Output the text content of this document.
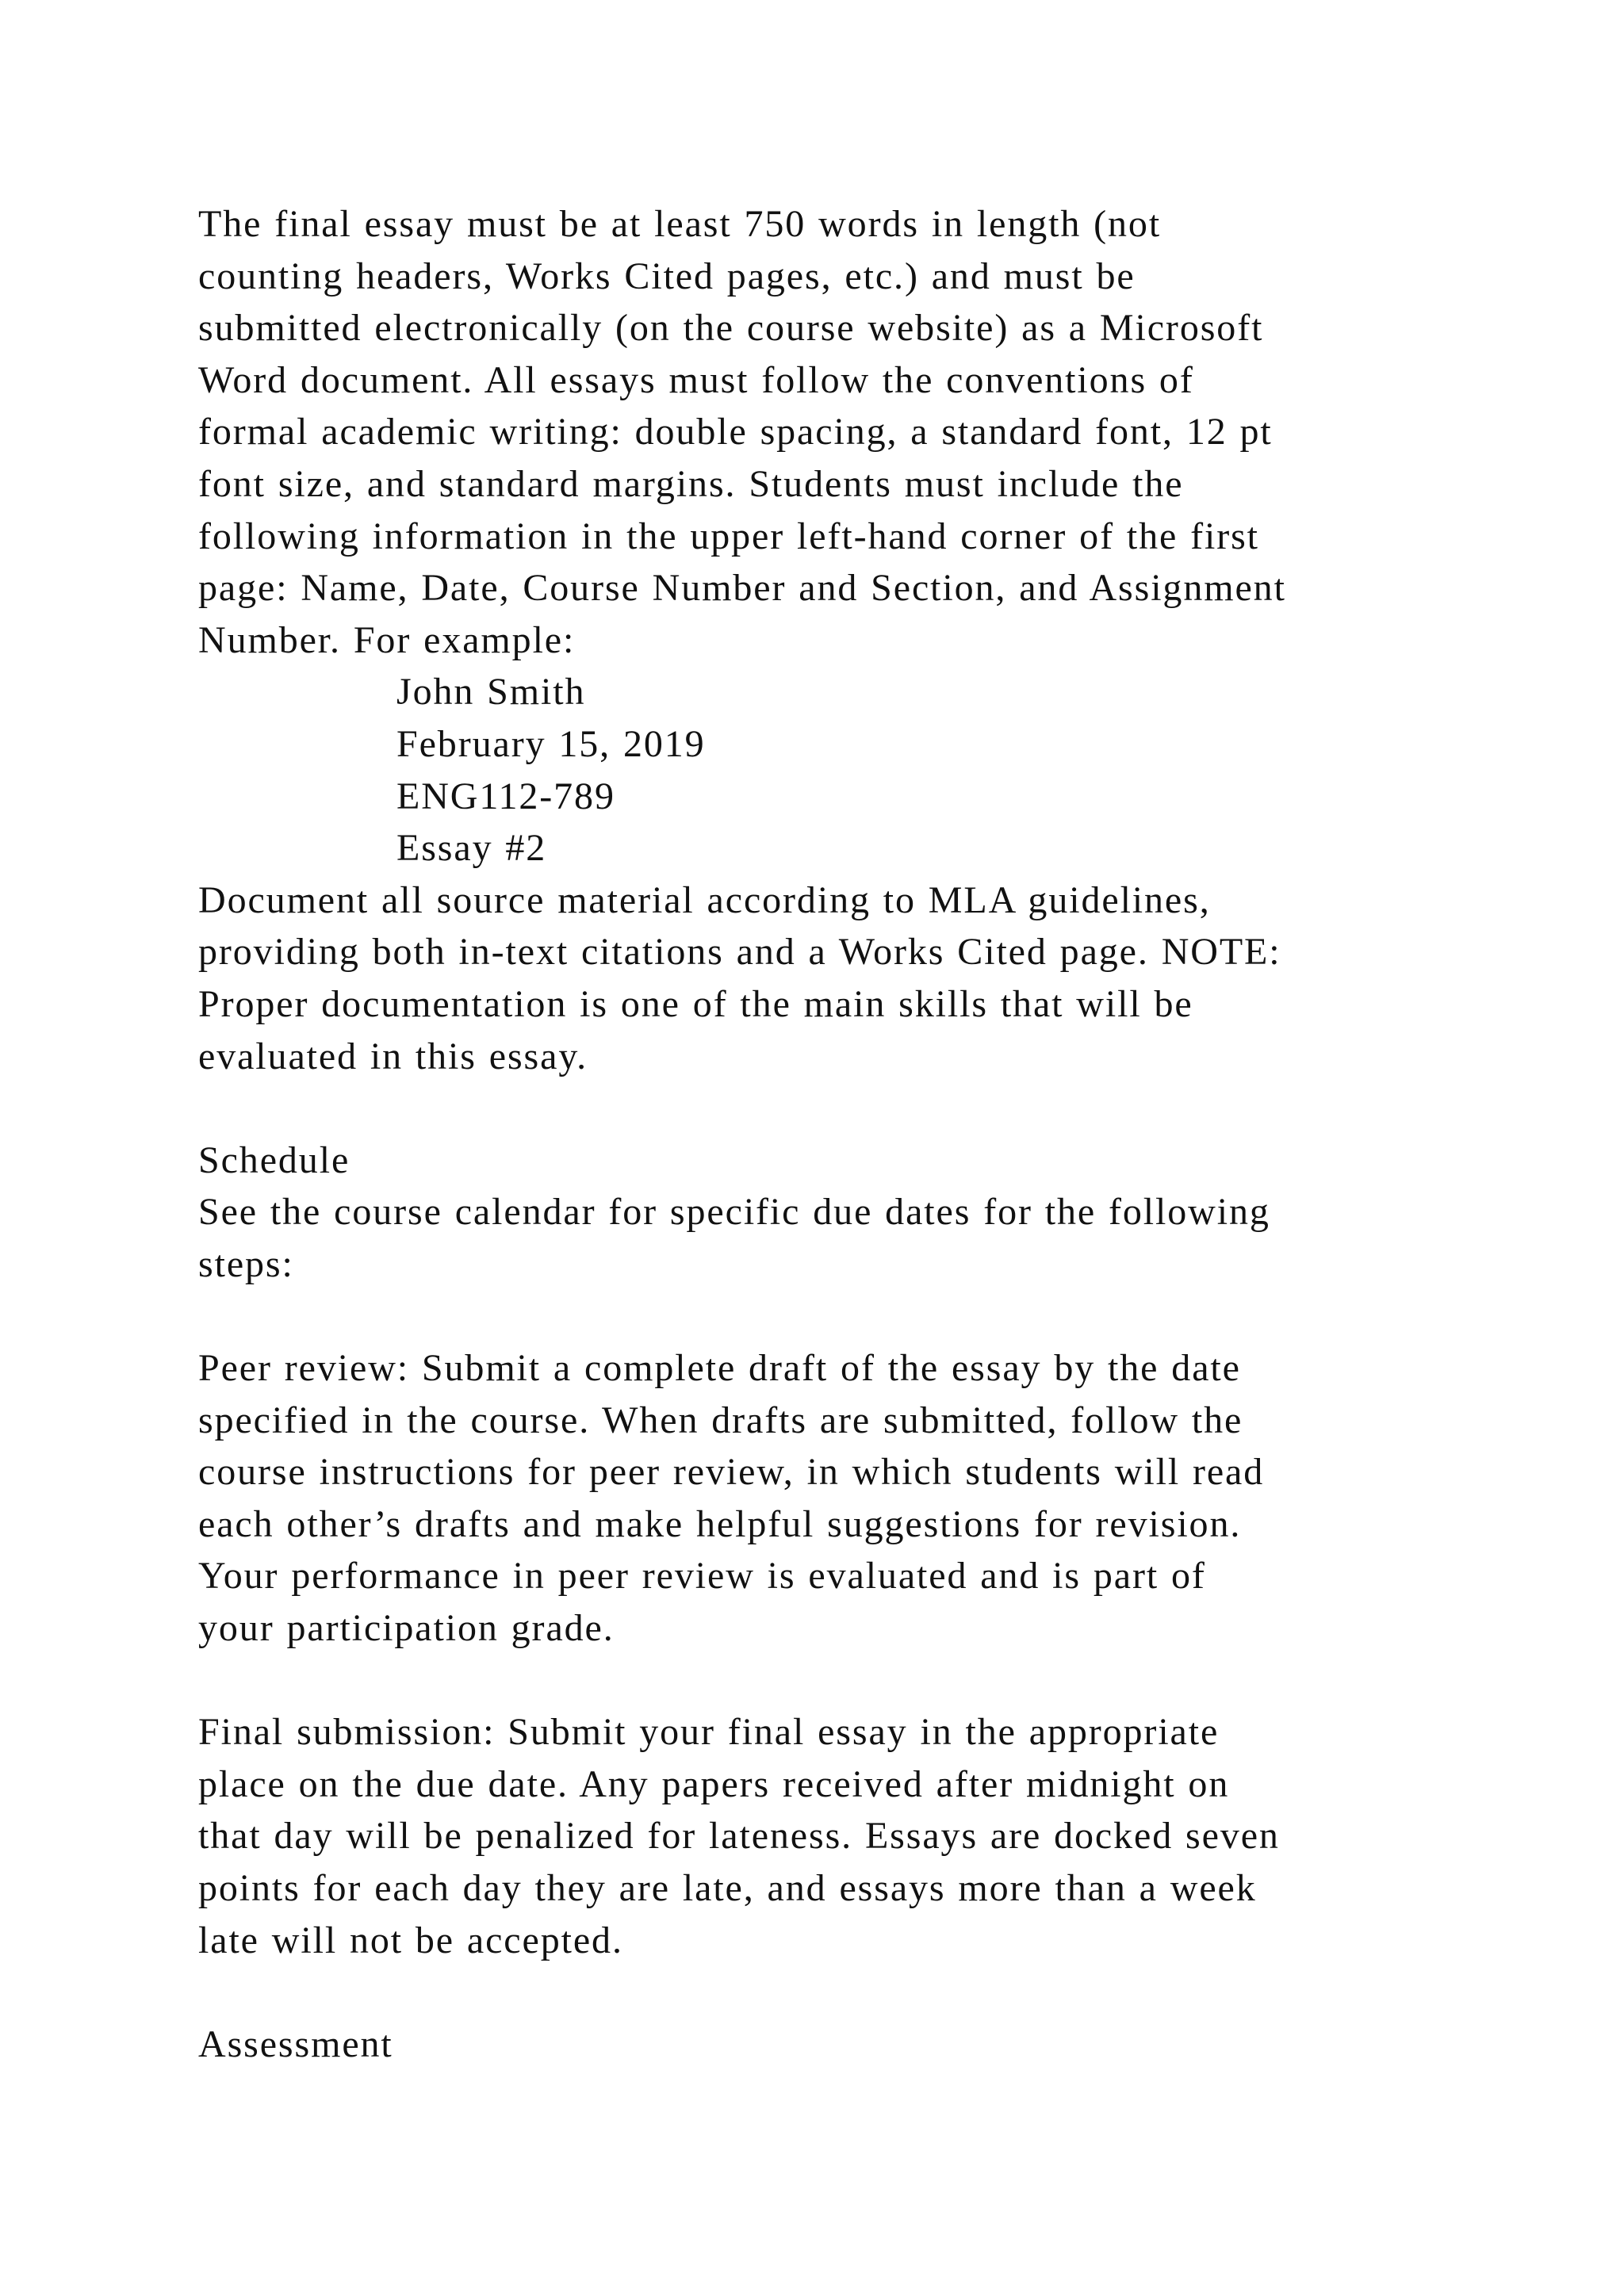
The final essay must be at least 750 words in length (not
counting headers, Works Cited pages, etc.) and must be
submitted electronically (on the course website) as a Microsoft
Word document. All essays must follow the conventions of
formal academic writing: double spacing, a standard font, 12 pt
font size, and standard margins. Students must include the
following information in the upper left-hand corner of the first
page: Name, Date, Course Number and Section, and Assignment
Number. For example:
John Smith
February 15, 2019
ENG112-789
Essay #2
Document all source material according to MLA guidelines,
providing both in-text citations and a Works Cited page. NOTE:
Proper documentation is one of the main skills that will be
evaluated in this essay.
Schedule
See the course calendar for specific due dates for the following
steps:
Peer review: Submit a complete draft of the essay by the date
specified in the course. When drafts are submitted, follow the
course instructions for peer review, in which students will read
each other’s drafts and make helpful suggestions for revision.
Your performance in peer review is evaluated and is part of
your participation grade.
Final submission: Submit your final essay in the appropriate
place on the due date. Any papers received after midnight on
that day will be penalized for lateness. Essays are docked seven
points for each day they are late, and essays more than a week
late will not be accepted.
Assessment
